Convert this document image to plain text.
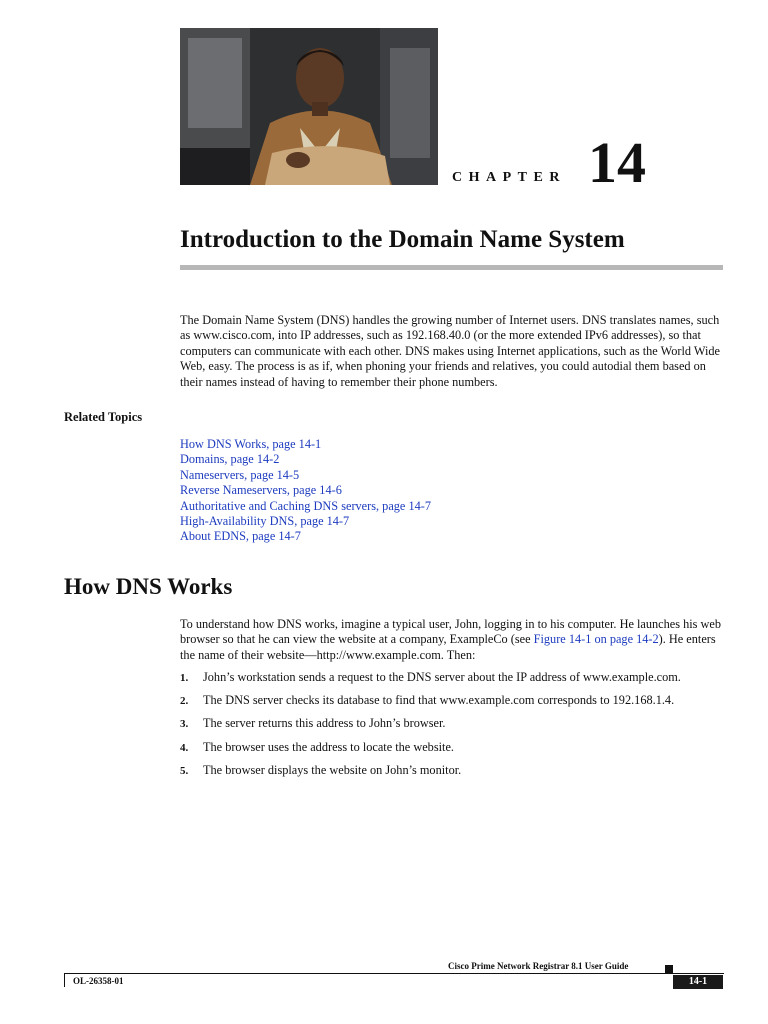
CHAPTER 14
Introduction to the Domain Name System

The Domain Name System (DNS) handles the growing number of Internet users. DNS translates names, such as www.cisco.com, into IP addresses, such as 192.168.40.0 (or the more extended IPv6 addresses), so that computers can communicate with each other. DNS makes using Internet applications, such as the World Wide Web, easy. The process is as if, when phoning your friends and relatives, you could autodial them based on their names instead of having to remember their phone numbers.

Related Topics
How DNS Works, page 14-1
Domains, page 14-2
Nameservers, page 14-5
Reverse Nameservers, page 14-6
Authoritative and Caching DNS servers, page 14-7
High-Availability DNS, page 14-7
About EDNS, page 14-7
How DNS Works

To understand how DNS works, imagine a typical user, John, logging in to his computer. He launches his web browser so that he can view the website at a company, ExampleCo (see Figure 14-1 on page 14-2). He enters the name of their website—http://www.example.com. Then:

1. John’s workstation sends a request to the DNS server about the IP address of www.example.com.
2. The DNS server checks its database to find that www.example.com corresponds to 192.168.1.4.
3. The server returns this address to John’s browser.
4. The browser uses the address to locate the website.
5. The browser displays the website on John’s monitor.
Cisco Prime Network Registrar 8.1 User Guide
OL-26358-01	14-1
